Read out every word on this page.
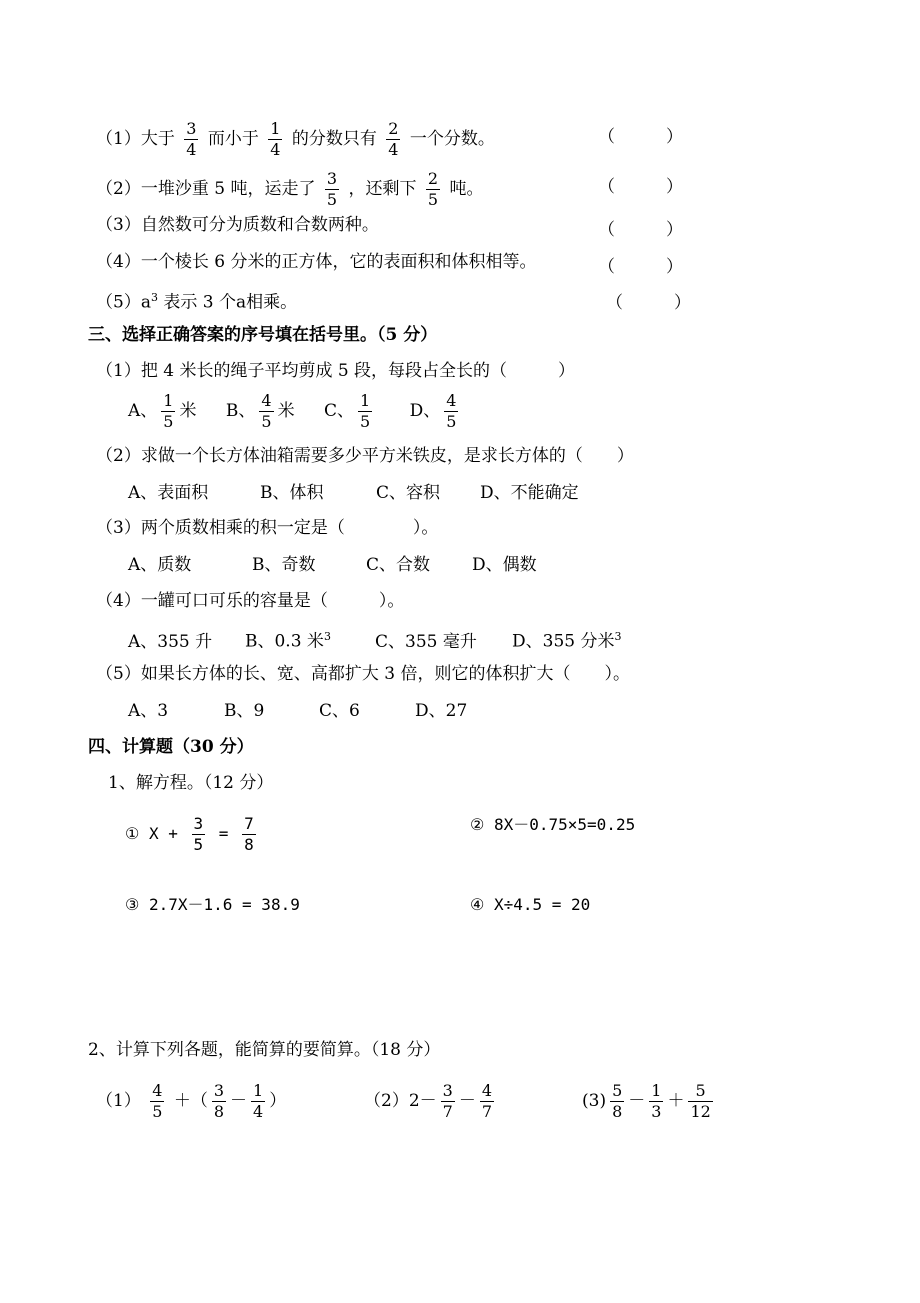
（1）大于 $\frac{3}{4}$ 而小于 $\frac{1}{4}$ 的分数只有 $\frac{2}{4}$ 一个分数。	（　　　）
（2）一堆沙重 5 吨，运走了 $\frac{3}{5}$ ，还剩下 $\frac{2}{5}$ 吨。	（　　　）
（3）自然数可分为质数和合数两种。	（　　　）
（4）一个棱长 6 分米的正方体，它的表面积和体积相等。	（　　　）
$(5)a^3$ 表示 3 个a相乘。	（　　　）
三、选择正确答案的序号填在括号里。（5 分）
（1）把 4 米长的绳子平均剪成 5 段，每段占全长的（　　　）
A、 $\frac{1}{5}$ 米 B、 $\frac{4}{5}$ 米 C、 $\frac{1}{5}$ D、 $\frac{4}{5}$
（2）求做一个长方体油箱需要多少平方米铁皮，是求长方体的（　　）
A、表面积	B、体积	C、容积 D、不能确定
（3）两个质数相乘的积一定是（　　　　）。
A、质数	B、奇数	C、合数 D、偶数
（4）一罐可口可乐的容量是（　　　）。
A、355 升 B、0.3 米$^3$	C、355 毫升 D、355 分米$^3$
（5）如果长方体的长、宽、高都扩大 3 倍，则它的体积扩大（　　）。
A、3	B、9	C、6	D、27
四、计算题（30 分）
1、解方程。（12 分）
① $X + \frac{3}{5} = \frac{7}{8}$	② 8X－0.75×5=0.25
③ 2.7X－1.6 = 38.9	④ X÷4.5 = 20
2、计算下列各题，能简算的要简算。（18 分）
$(1) \frac{4}{5}$ ＋（ $\frac{3}{8} - \frac{1}{4}$ ）	$(2)2- \frac{3}{7} - \frac{4}{7}$	$(3) \frac{5}{8} - \frac{1}{3} + \frac{5}{12}$
